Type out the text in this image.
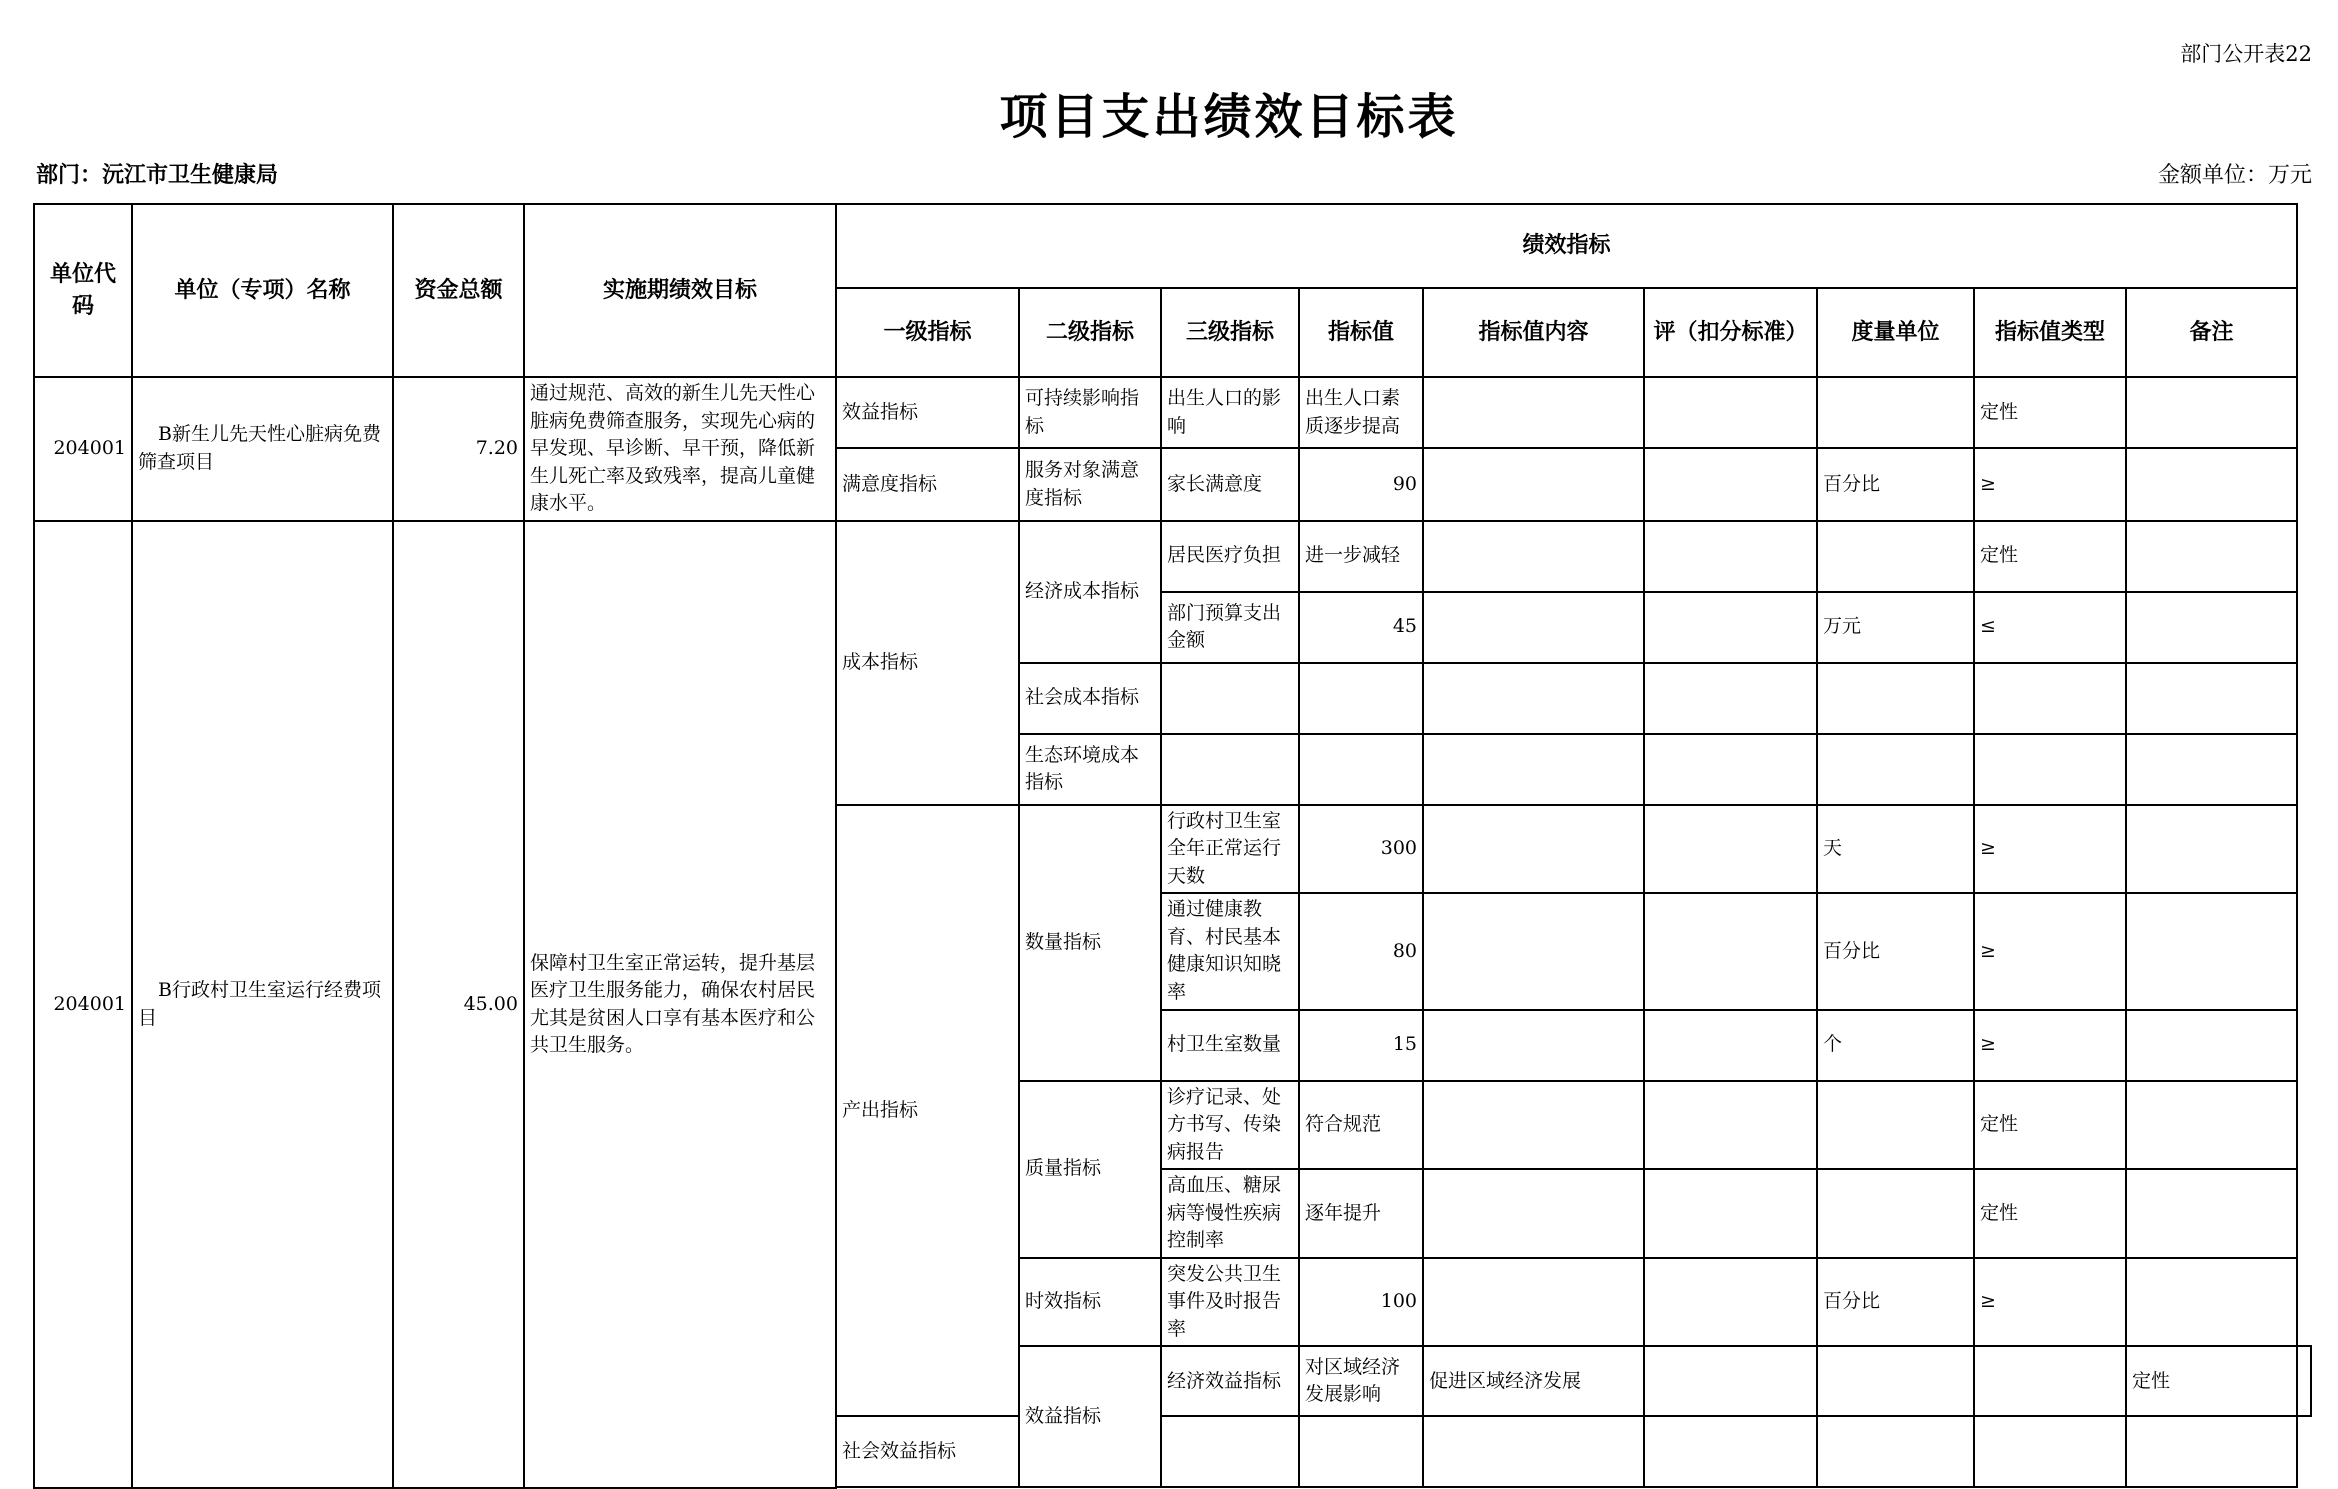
部门公开表22
项目支出绩效目标表
部门：沅江市卫生健康局	金额单位：万元
单位代码	单位（专项）名称	资金总额	实施期绩效目标	绩效指标									
				一级指标	二级指标	三级指标	指标值	指标值内容	评（扣分标准）	度量单位	指标值类型	备注	
204001	B新生儿先天性心脏病免费筛查项目	7.20	通过规范、高效的新生儿先天性心脏病免费筛查服务，实现先心病的早发现、早诊断、早干预，降低新生儿死亡率及致残率，提高儿童健康水平。	效益指标	可持续影响指标	出生人口的影响	出生人口素质逐步提高				定性		
				满意度指标	服务对象满意度指标	家长满意度	90			百分比	≥		
204001	B行政村卫生室运行经费项目	45.00	保障村卫生室正常运转，提升基层医疗卫生服务能力，确保农村居民尤其是贫困人口享有基本医疗和公共卫生服务。	成本指标	经济成本指标	居民医疗负担	进一步减轻				定性		
						部门预算支出金额	45			万元	≤		
					社会成本指标								
					生态环境成本指标								
				产出指标	数量指标	行政村卫生室全年正常运行天数	300			天	≥		
						通过健康教育、村民基本健康知识知晓率	80			百分比	≥		
						村卫生室数量	15			个	≥		
					质量指标	诊疗记录、处方书写、传染病报告	符合规范				定性		
						高血压、糖尿病等慢性疾病控制率	逐年提升				定性		
					时效指标	突发公共卫生事件及时报告率	100			百分比	≥		
					效益指标	经济效益指标	对区域经济发展影响	促进区域经济发展				定性	
				社会效益指标									
